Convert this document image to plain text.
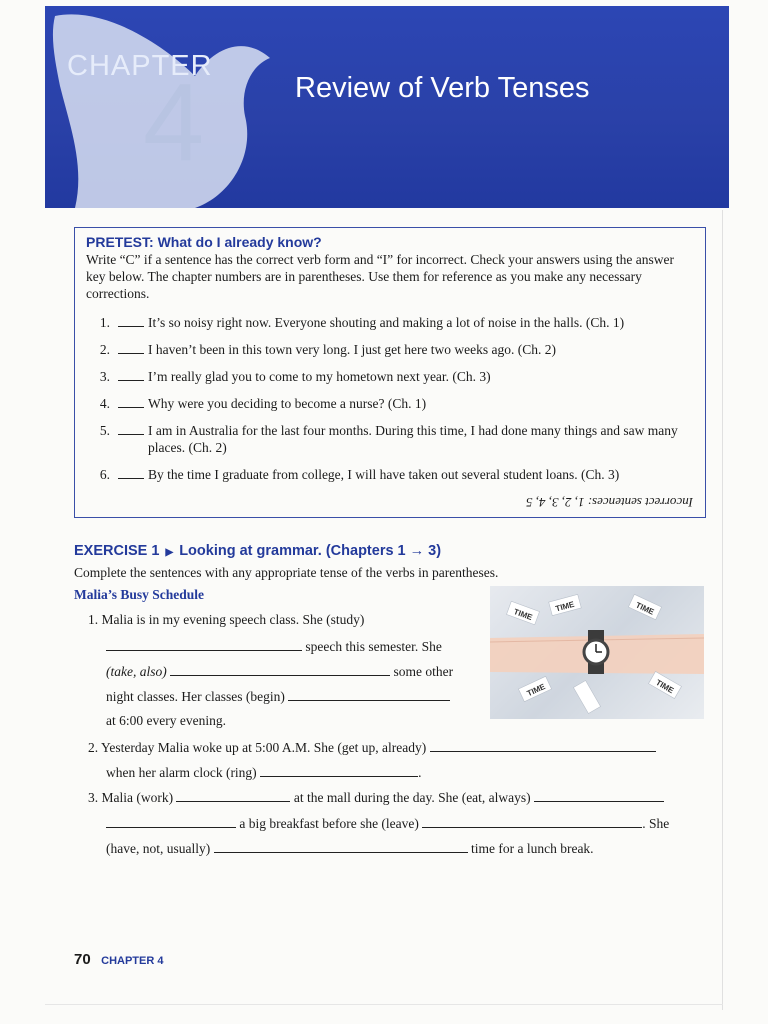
CHAPTER
4	Review of Verb Tenses

PRETEST: What do I already know?

Write “C” if a sentence has the correct verb form and “I” for incorrect. Check your answers using the answer key below. The chapter numbers are in parentheses. Use them for reference as you make any necessary corrections.

1.	It’s so noisy right now. Everyone shouting and making a lot of noise in the halls. (Ch. 1)
2.	I haven’t been in this town very long. I just get here two weeks ago. (Ch. 2)
3.	I’m really glad you to come to my hometown next year. (Ch. 3)
4.	Why were you deciding to become a nurse? (Ch. 1)
5.	I am in Australia for the last four months. During this time, I had done many things and saw many places. (Ch. 2)
6.	By the time I graduate from college, I will have taken out several student loans. (Ch. 3)
Incorrect sentences: 1, 2, 3, 4, 5
EXERCISE 1 ▶ Looking at grammar. (Chapters 1 → 3)
Complete the sentences with any appropriate tense of the verbs in parentheses.
Malia’s Busy Schedule
1. Malia is in my evening speech class. She (study)
speech this semester. She
(take, also)	some other
night classes. Her classes (begin)
at 6:00 every evening.
2. Yesterday Malia woke up at 5:00 A.M. She (get up, already)
when her alarm clock (ring)	.
3. Malia (work)	at the mall during the day. She (eat, always)
a big breakfast before she (leave)	. She
(have, not, usually)	time for a lunch break.
TIME
TIME	TIME
TIME
TIME
70 CHAPTER 4
